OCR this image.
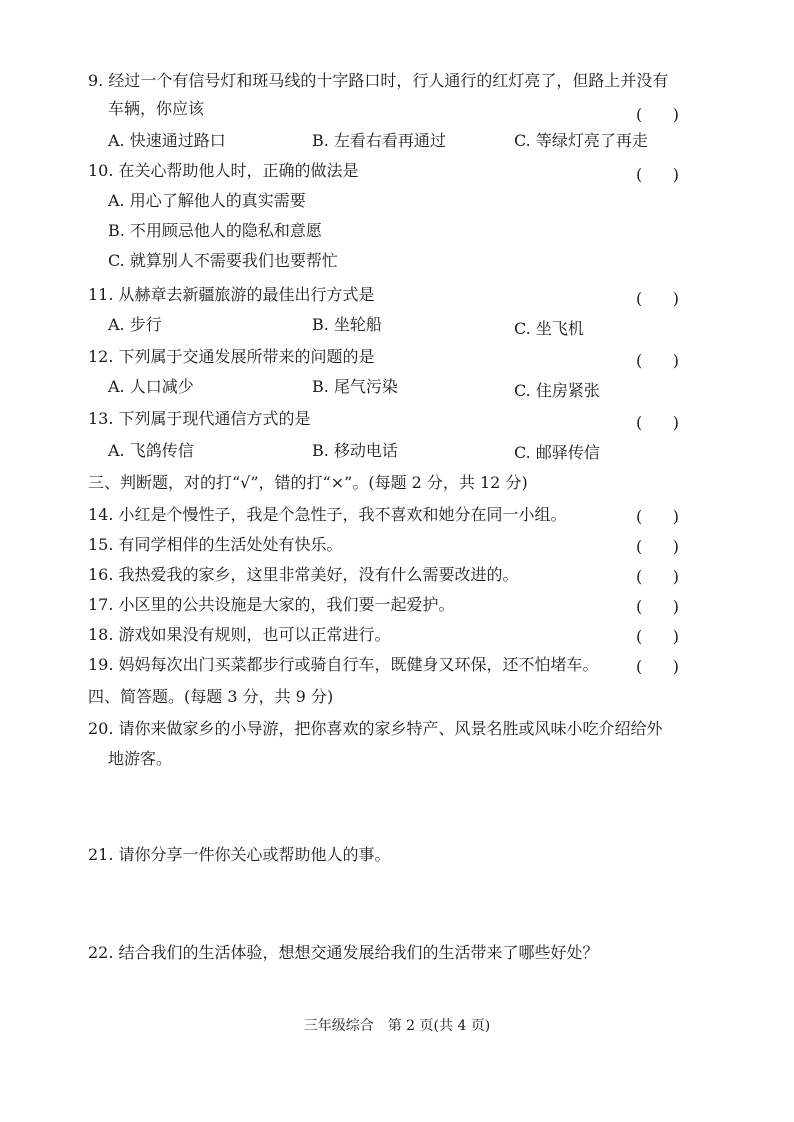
9. 经过一个有信号灯和斑马线的十字路口时，行人通行的红灯亮了，但路上并没有
车辆，你应该	(      )
A. 快速通过路口	B. 左看右看再通过	C. 等绿灯亮了再走
10. 在关心帮助他人时，正确的做法是	(      )
A. 用心了解他人的真实需要
B. 不用顾忌他人的隐私和意愿
C. 就算别人不需要我们也要帮忙
11. 从赫章去新疆旅游的最佳出行方式是	(      )
A. 步行	B. 坐轮船	C. 坐飞机
12. 下列属于交通发展所带来的问题的是	(      )
A. 人口减少	B. 尾气污染	C. 住房紧张
13. 下列属于现代通信方式的是	(      )
A. 飞鸽传信	B. 移动电话	C. 邮驿传信
三、判断题，对的打“√”，错的打“×”。(每题 2 分，共 12 分)
14. 小红是个慢性子，我是个急性子，我不喜欢和她分在同一小组。	(      )
15. 有同学相伴的生活处处有快乐。	(      )
16. 我热爱我的家乡，这里非常美好，没有什么需要改进的。	(      )
17. 小区里的公共设施是大家的，我们要一起爱护。	(      )
18. 游戏如果没有规则，也可以正常进行。	(      )
19. 妈妈每次出门买菜都步行或骑自行车，既健身又环保，还不怕堵车。 (      )
四、简答题。(每题 3 分，共 9 分)
20. 请你来做家乡的小导游，把你喜欢的家乡特产、风景名胜或风味小吃介绍给外
地游客。
21. 请你分享一件你关心或帮助他人的事。
22. 结合我们的生活体验，想想交通发展给我们的生活带来了哪些好处？
三年级综合　第 2 页(共 4 页)
